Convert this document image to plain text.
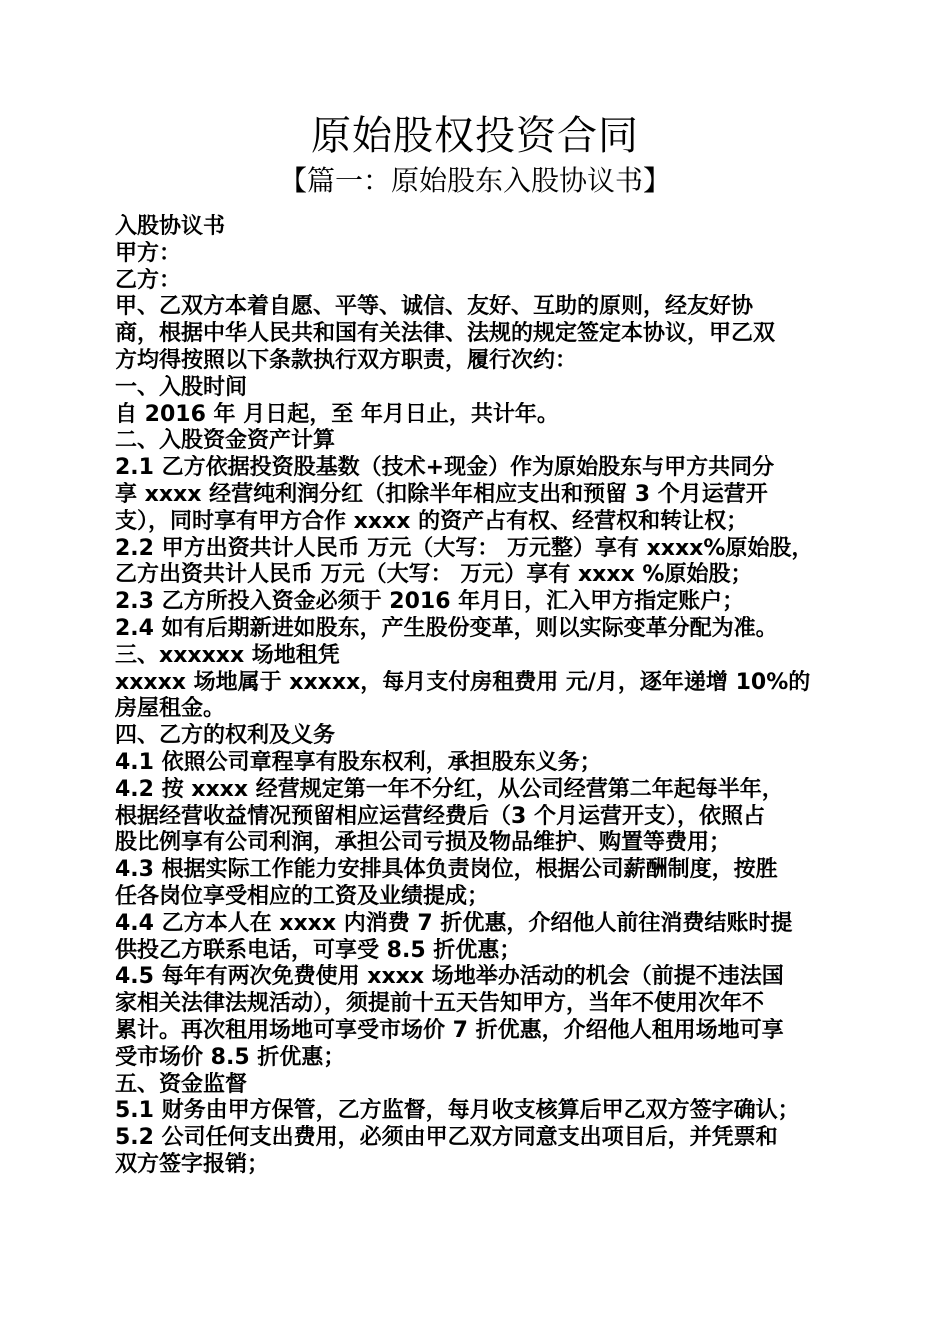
原始股权投资合同
【篇一：原始股东入股协议书】
入股协议书
甲方：
乙方：
甲、乙双方本着自愿、平等、诚信、友好、互助的原则，经友好协
商，根据中华人民共和国有关法律、法规的规定签定本协议，甲乙双
方均得按照以下条款执行双方职责，履行次约：
一、入股时间
自 2016 年 月日起，至 年月日止，共计年。
二、入股资金资产计算
2.1 乙方依据投资股基数（技术+现金）作为原始股东与甲方共同分
享 xxxx 经营纯利润分红（扣除半年相应支出和预留 3 个月运营开
支），同时享有甲方合作 xxxx 的资产占有权、经营权和转让权；
2.2 甲方出资共计人民币 万元（大写： 万元整）享有 xxxx%原始股，
乙方出资共计人民币 万元（大写： 万元）享有 xxxx %原始股；
2.3 乙方所投入资金必须于 2016 年月日，汇入甲方指定账户；
2.4 如有后期新进如股东，产生股份变革，则以实际变革分配为准。
三、xxxxxx 场地租凭
xxxxx 场地属于 xxxxx，每月支付房租费用 元/月，逐年递增 10%的
房屋租金。
四、乙方的权利及义务
4.1 依照公司章程享有股东权利，承担股东义务；
4.2 按 xxxx 经营规定第一年不分红，从公司经营第二年起每半年，
根据经营收益情况预留相应运营经费后（3 个月运营开支），依照占
股比例享有公司利润，承担公司亏损及物品维护、购置等费用；
4.3 根据实际工作能力安排具体负责岗位，根据公司薪酬制度，按胜
任各岗位享受相应的工资及业绩提成；
4.4 乙方本人在 xxxx 内消费 7 折优惠，介绍他人前往消费结账时提
供投乙方联系电话，可享受 8.5 折优惠；
4.5 每年有两次免费使用 xxxx 场地举办活动的机会（前提不违法国
家相关法律法规活动），须提前十五天告知甲方，当年不使用次年不
累计。再次租用场地可享受市场价 7 折优惠，介绍他人租用场地可享
受市场价 8.5 折优惠；
五、资金监督
5.1 财务由甲方保管，乙方监督，每月收支核算后甲乙双方签字确认；
5.2 公司任何支出费用，必须由甲乙双方同意支出项目后，并凭票和
双方签字报销；
